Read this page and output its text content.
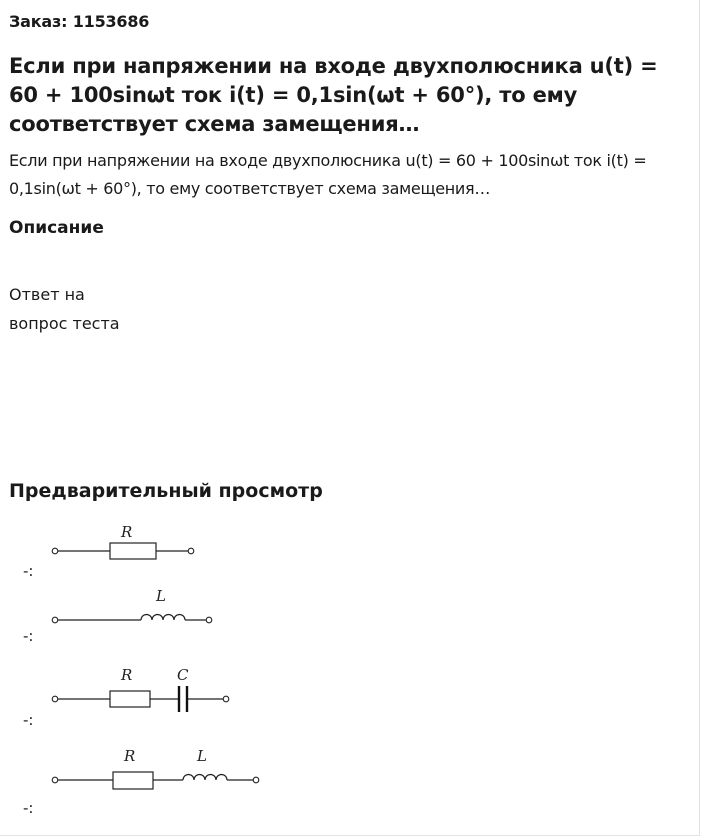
Заказ: 1153686
Если при напряжении на входе двухполюсника u(t) = 60 + 100sinωt ток i(t) = 0,1sin(ωt + 60°), то ему соответствует схема замещения…

Если при напряжении на входе двухполюсника u(t) = 60 + 100sinωt ток i(t) = 0,1sin(ωt + 60°), то ему соответствует схема замещения…

Описание
Ответ на
вопрос теста
Предварительный просмотр
R
-:
L
-:
R	C
-:
R	L
-:
